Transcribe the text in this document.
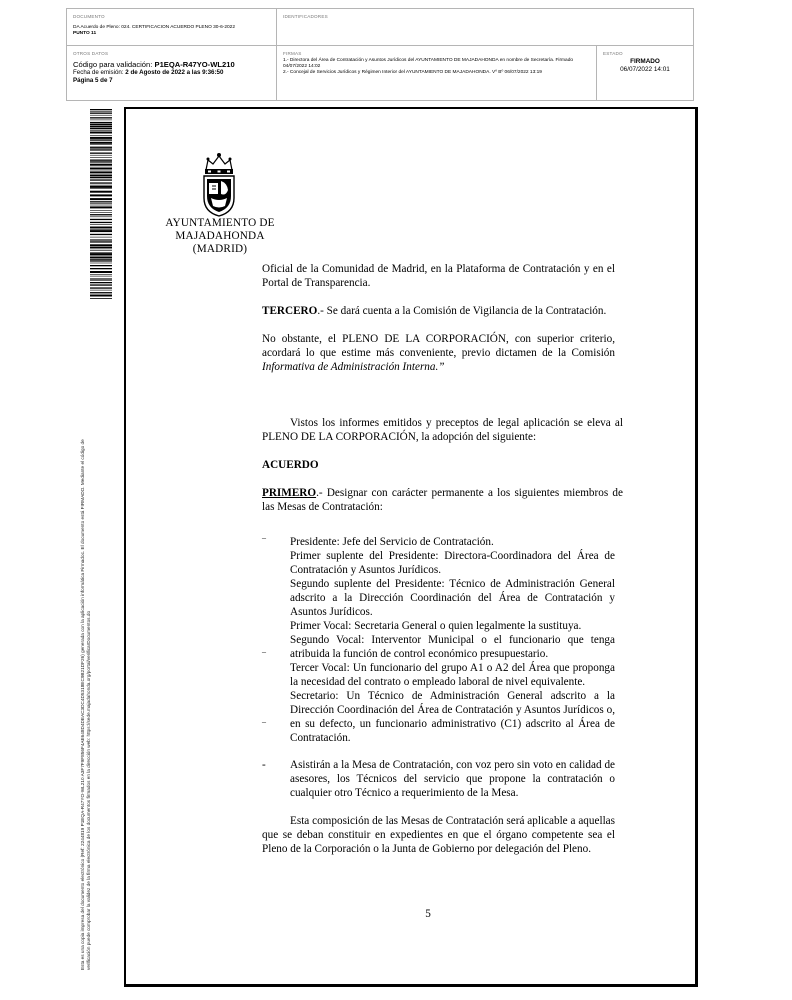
DOCUMENTO
DA Acuerdo de Pleno: 024. CERTIFICACION ACUERDO PLENO 30-6-2022
PUNTO 11
IDENTIFICADORES
OTROS DATOS
Código para validación: P1EQA-R47YO-WL210
Fecha de emisión: 2 de Agosto de 2022 a las 9:36:50
Página 5 de 7
FIRMAS
1.- Directora del Área de Contratación y Asuntos Jurídicos del AYUNTAMIENTO DE MAJADAHONDA en nombre de Secretaría. Firmado 04/07/2022 14:02
2.- Concejal de Servicios Jurídicos y Régimen Interior del AYUNTAMIENTO DE MAJADAHONDA. Vº Bº 06/07/2022 13:19
ESTADO
FIRMADO
06/07/2022 14:01
Esta es una copia impresa del documento electrónico (Ref: 2244819 P1EQA-R47YO-WL210 A3F7F9F856F4AE648D4DEAC3DC4D5318EC9B21DF26) generada con la aplicación informática Firmadoc. El documento está FIRMADO. Mediante el código de verificación puede comprobar la validez de la firma electrónica de los documentos firmados en la dirección web: https://sede.majadahonda.org/portal/verificarDocumentos.do
AYUNTAMIENTO DE
MAJADAHONDA
(MADRID)

Oficial de la Comunidad de Madrid, en la Plataforma de Contratación y en el Portal de Transparencia.

TERCERO.- Se dará cuenta a la Comisión de Vigilancia de la Contratación.

No obstante, el PLENO DE LA CORPORACIÓN, con superior criterio, acordará lo que estime más conveniente, previo dictamen de la Comisión Informativa de Administración Interna.”

Vistos los informes emitidos y preceptos de legal aplicación se eleva al PLENO DE LA CORPORACIÓN, la adopción del siguiente:

ACUERDO

PRIMERO.- Designar con carácter permanente a los siguientes miembros de las Mesas de Contratación:

_

Presidente: Jefe del Servicio de Contratación.

Primer suplente del Presidente: Directora-Coordinadora del Área de Contratación y Asuntos Jurídicos.

Segundo suplente del Presidente: Técnico de Administración General adscrito a la Dirección Coordinación del Área de Contratación y Asuntos Jurídicos.

Primer Vocal: Secretaria General o quien legalmente la sustituya.

_

Segundo Vocal: Interventor Municipal o el funcionario que tenga atribuida la función de control económico presupuestario.

Tercer Vocal: Un funcionario del grupo A1 o A2 del Área que proponga la necesidad del contrato o empleado laboral de nivel equivalente.

_

Secretario: Un Técnico de Administración General adscrito a la Dirección Coordinación del Área de Contratación y Asuntos Jurídicos o, en su defecto, un funcionario administrativo (C1) adscrito al Área de Contratación.

- Asistirán a la Mesa de Contratación, con voz pero sin voto en calidad de asesores, los Técnicos del servicio que propone la contratación o cualquier otro Técnico a requerimiento de la Mesa.

Esta composición de las Mesas de Contratación será aplicable a aquellas que se deban constituir en expedientes en que el órgano competente sea el Pleno de la Corporación o la Junta de Gobierno por delegación del Pleno.

5
